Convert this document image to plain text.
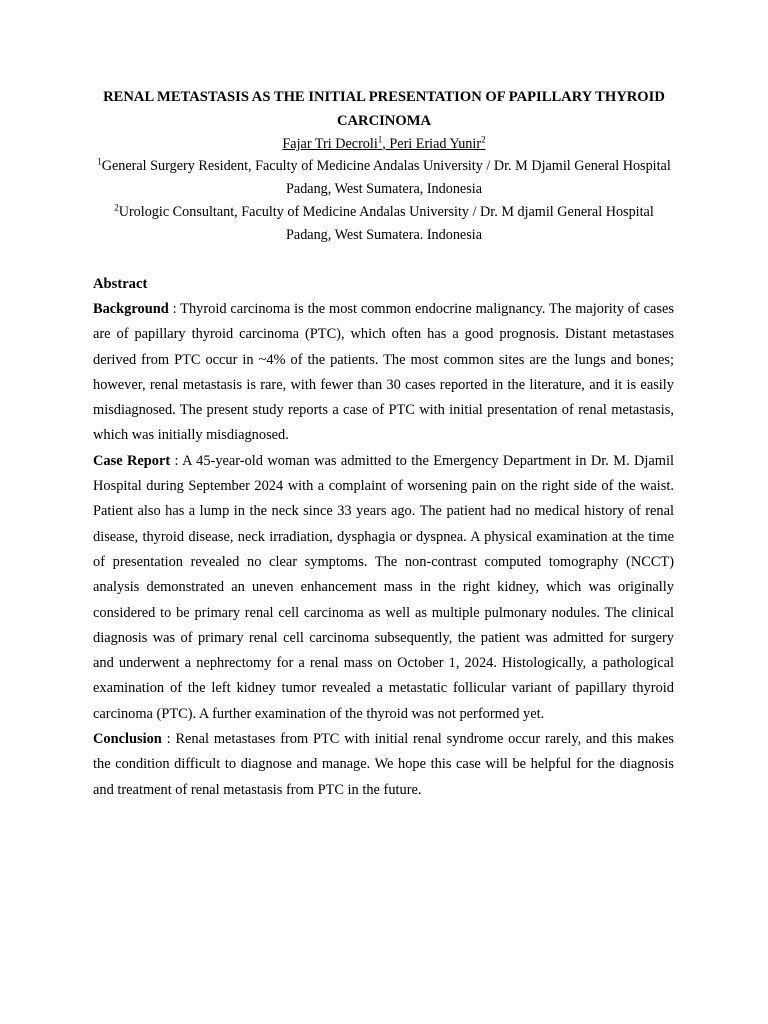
RENAL METASTASIS AS THE INITIAL PRESENTATION OF PAPILLARY THYROID CARCINOMA
Fajar Tri Decroli$^1$, Peri Eriad Yunir$^2$
$^1$General Surgery Resident, Faculty of Medicine Andalas University / Dr. M Djamil General Hospital Padang, West Sumatera, Indonesia
$^2$Urologic Consultant, Faculty of Medicine Andalas University / Dr. M djamil General Hospital Padang, West Sumatera. Indonesia
Abstract

Background : Thyroid carcinoma is the most common endocrine malignancy. The majority of cases are of papillary thyroid carcinoma (PTC), which often has a good prognosis. Distant metastases derived from PTC occur in ~4% of the patients. The most common sites are the lungs and bones; however, renal metastasis is rare, with fewer than 30 cases reported in the literature, and it is easily misdiagnosed. The present study reports a case of PTC with initial presentation of renal metastasis, which was initially misdiagnosed.

Case Report : A 45-year-old woman was admitted to the Emergency Department in Dr. M. Djamil Hospital during September 2024 with a complaint of worsening pain on the right side of the waist. Patient also has a lump in the neck since 33 years ago. The patient had no medical history of renal disease, thyroid disease, neck irradiation, dysphagia or dyspnea. A physical examination at the time of presentation revealed no clear symptoms. The non-contrast computed tomography (NCCT) analysis demonstrated an uneven enhancement mass in the right kidney, which was originally considered to be primary renal cell carcinoma as well as multiple pulmonary nodules. The clinical diagnosis was of primary renal cell carcinoma subsequently, the patient was admitted for surgery and underwent a nephrectomy for a renal mass on October 1, 2024. Histologically, a pathological examination of the left kidney tumor revealed a metastatic follicular variant of papillary thyroid carcinoma (PTC). A further examination of the thyroid was not performed yet.

Conclusion : Renal metastases from PTC with initial renal syndrome occur rarely, and this makes the condition difficult to diagnose and manage. We hope this case will be helpful for the diagnosis and treatment of renal metastasis from PTC in the future.
